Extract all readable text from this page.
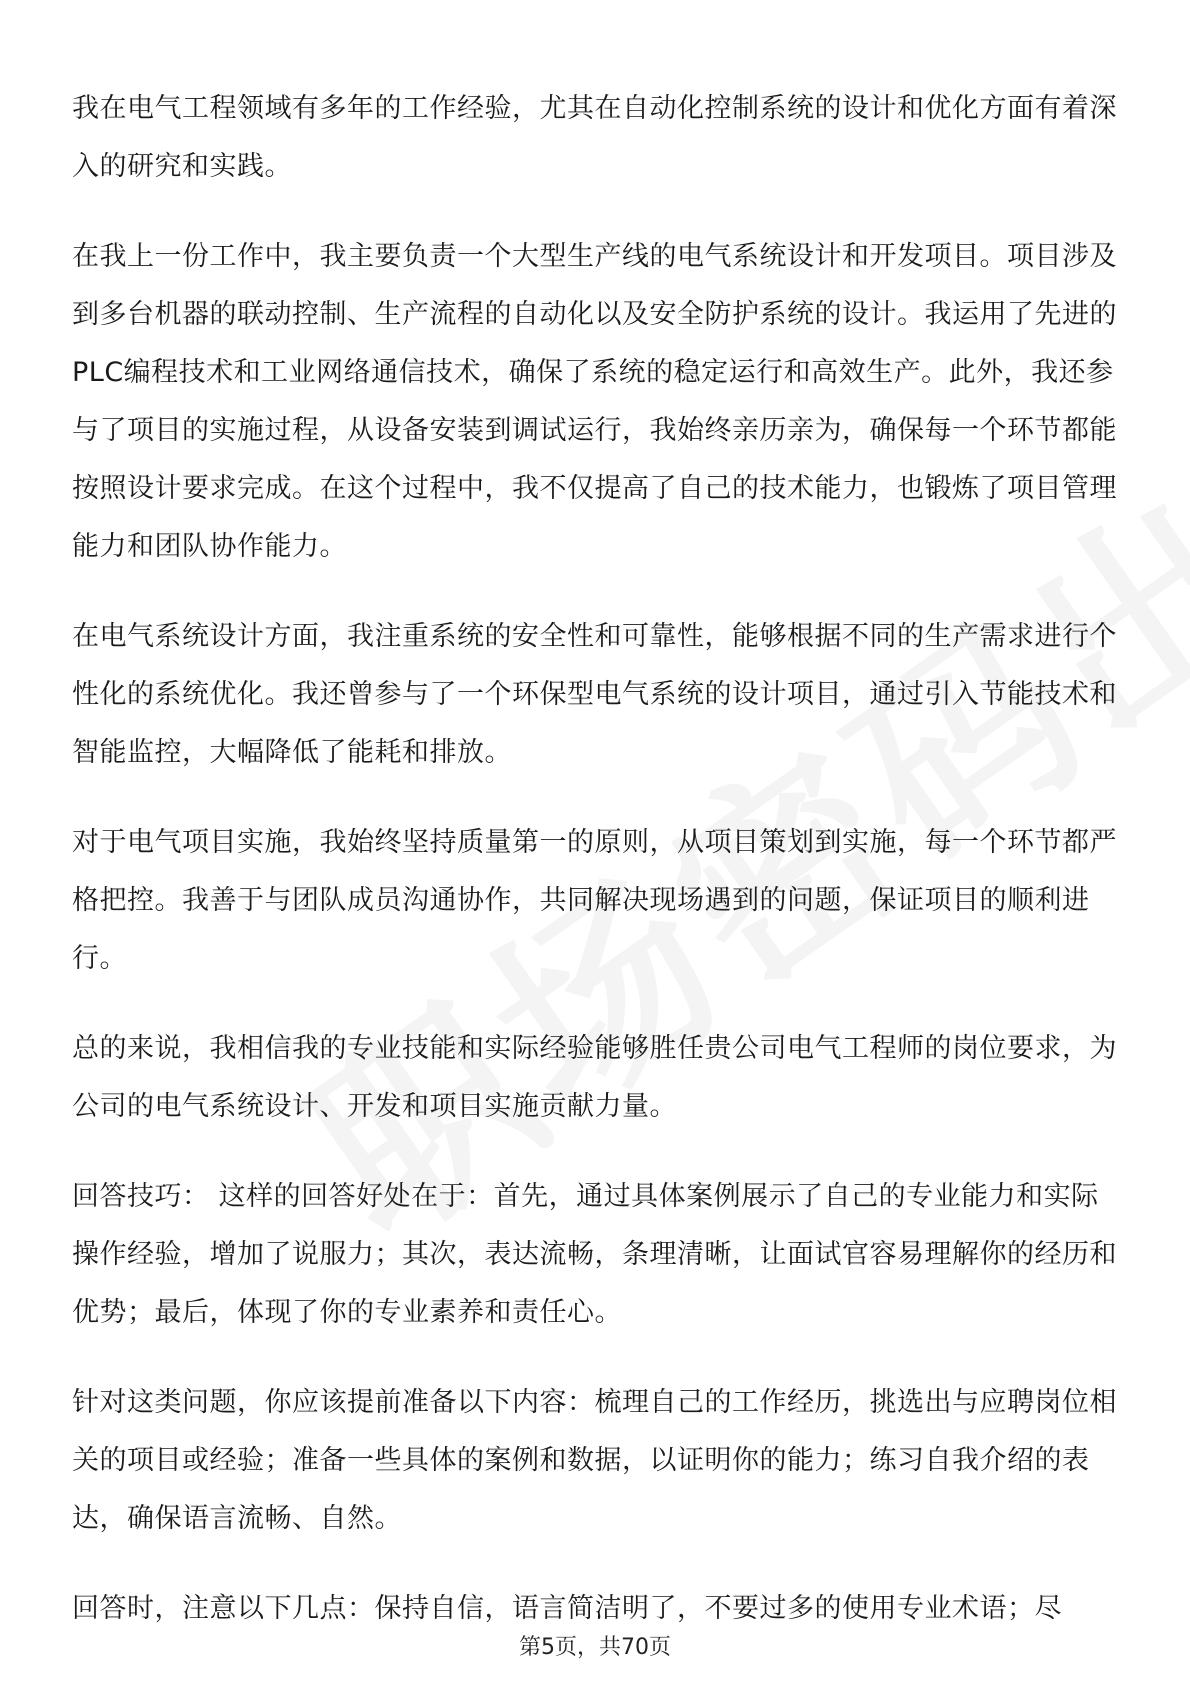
我在电气工程领域有多年的工作经验，尤其在自动化控制系统的设计和优化方面有着深入的研究和实践。

在我上一份工作中，我主要负责一个大型生产线的电气系统设计和开发项目。项目涉及到多台机器的联动控制、生产流程的自动化以及安全防护系统的设计。我运用了先进的PLC编程技术和工业网络通信技术，确保了系统的稳定运行和高效生产。此外，我还参与了项目的实施过程，从设备安装到调试运行，我始终亲历亲为，确保每一个环节都能按照设计要求完成。在这个过程中，我不仅提高了自己的技术能力，也锻炼了项目管理能力和团队协作能力。

在电气系统设计方面，我注重系统的安全性和可靠性，能够根据不同的生产需求进行个性化的系统优化。我还曾参与了一个环保型电气系统的设计项目，通过引入节能技术和智能监控，大幅降低了能耗和排放。

对于电气项目实施，我始终坚持质量第一的原则，从项目策划到实施，每一个环节都严格把控。我善于与团队成员沟通协作，共同解决现场遇到的问题，保证项目的顺利进行。

总的来说，我相信我的专业技能和实际经验能够胜任贵公司电气工程师的岗位要求，为公司的电气系统设计、开发和项目实施贡献力量。

回答技巧： 这样的回答好处在于：首先，通过具体案例展示了自己的专业能力和实际操作经验，增加了说服力；其次，表达流畅，条理清晰，让面试官容易理解你的经历和优势；最后，体现了你的专业素养和责任心。

针对这类问题，你应该提前准备以下内容：梳理自己的工作经历，挑选出与应聘岗位相关的项目或经验；准备一些具体的案例和数据，以证明你的能力；练习自我介绍的表达，确保语言流畅、自然。

回答时，注意以下几点：保持自信，语言简洁明了，不要过多的使用专业术语；尽

第5页，共70页
